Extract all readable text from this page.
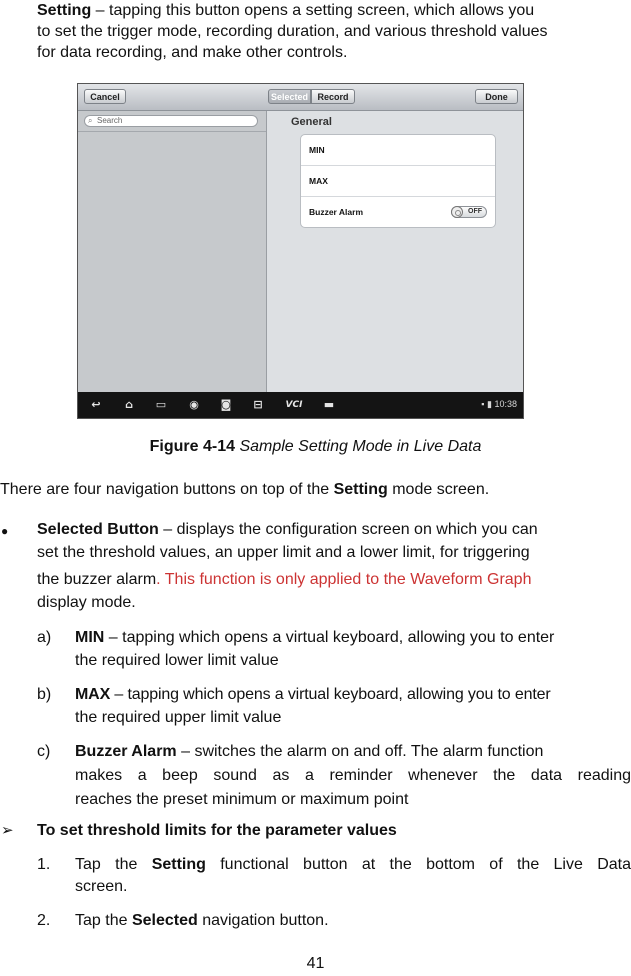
Setting – tapping this button opens a setting screen, which allows you
to set the trigger mode, recording duration, and various threshold values
for data recording, and make other controls.
Cancel	Selected	Record	Done
⌕ Search	General
MIN
MAX
Buzzer Alarm	OFF
↩	⌂	▭ ◉ ◙	⊟	VCI	▬	▪ ▮ 10:38
Figure 4-14 Sample Setting Mode in Live Data
There are four navigation buttons on top of the Setting mode screen.
● Selected Button – displays the configuration screen on which you can
set the threshold values, an upper limit and a lower limit, for triggering
the buzzer alarm. This function is only applied to the Waveform Graph
display mode.
a) MIN – tapping which opens a virtual keyboard, allowing you to enter
the required lower limit value
b) MAX – tapping which opens a virtual keyboard, allowing you to enter
the required upper limit value
c) Buzzer Alarm – switches the alarm on and off. The alarm function
makes a beep sound as a reminder whenever the data reading
reaches the preset minimum or maximum point
➢ To set threshold limits for the parameter values
1. Tap the Setting functional button at the bottom of the Live Data
screen.
2. Tap the Selected navigation button.
41
